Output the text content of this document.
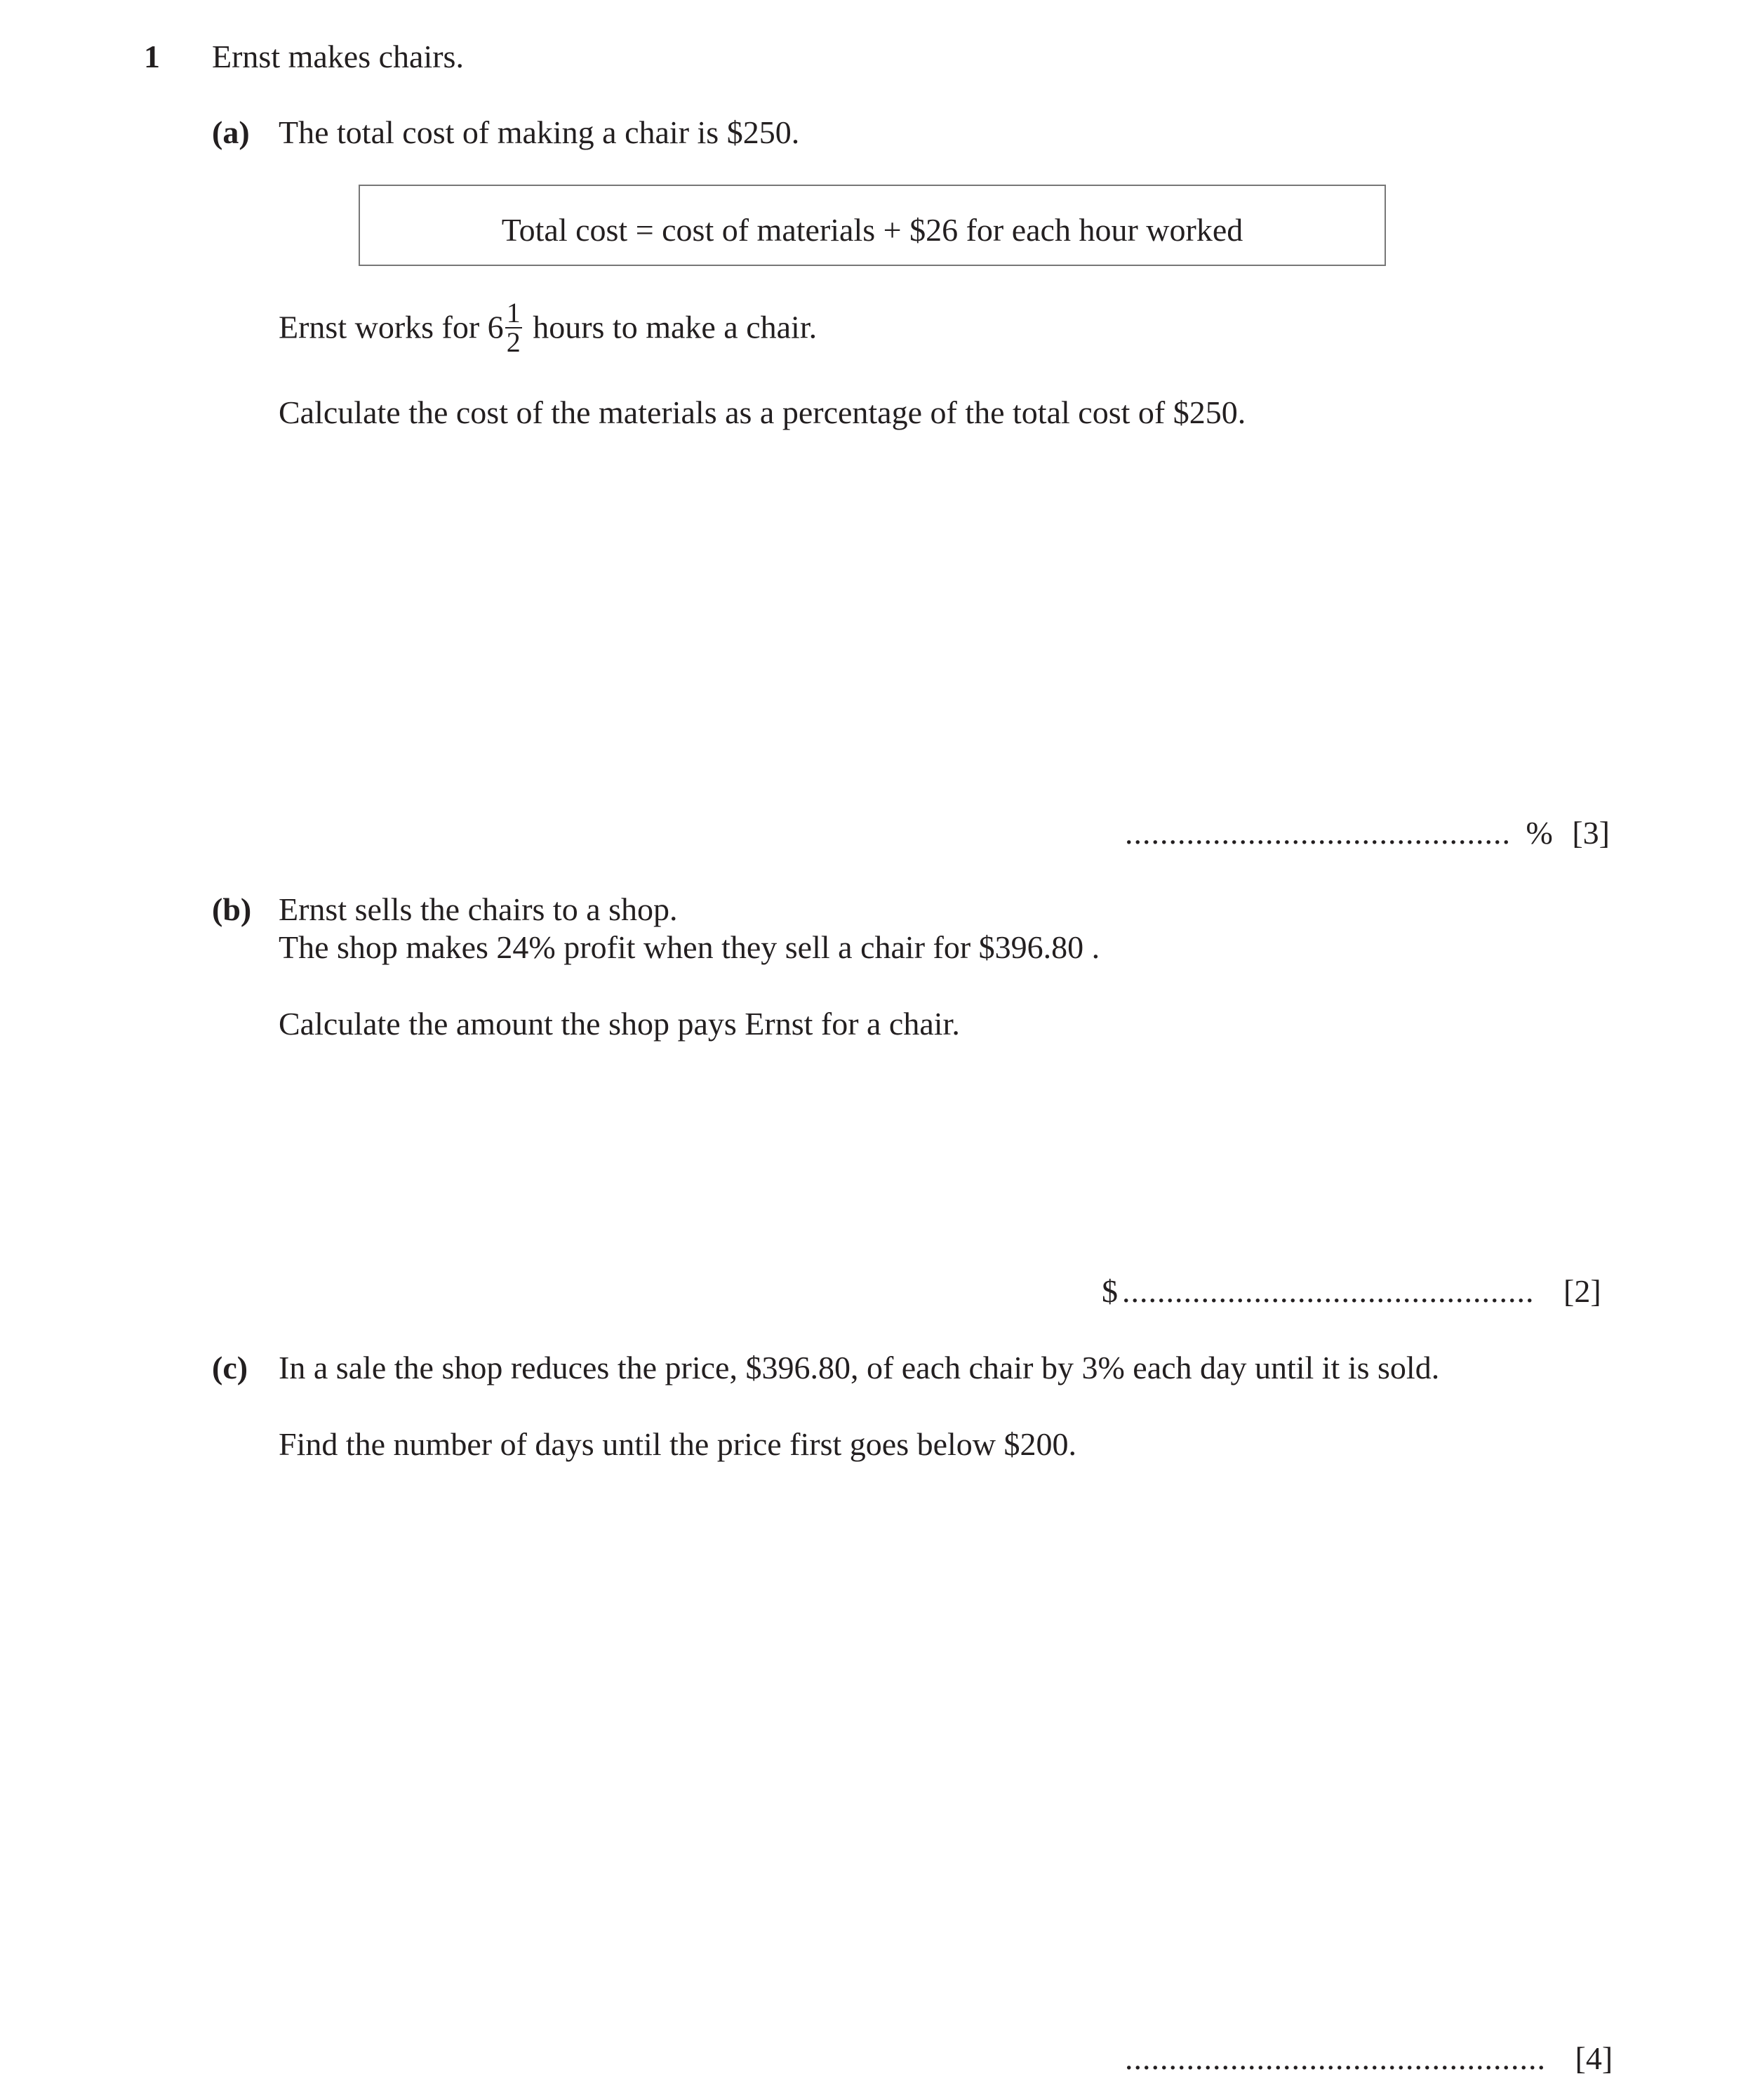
1 Ernst makes chairs.
(a) The total cost of making a chair is $250.
Total cost = cost of materials + $26 for each hour worked
Ernst works for $6 \frac{1}{2}$ hours to make a chair.
Calculate the cost of the materials as a percentage of the total cost of $250.
............................................ % [3]
(b) Ernst sells the chairs to a shop.
The shop makes 24% profit when they sell a chair for $396.80 .
Calculate the amount the shop pays Ernst for a chair.
$ ............................................... [2]
(c) In a sale the shop reduces the price, $396.80, of each chair by 3% each day until it is sold.
Find the number of days until the price first goes below $200.
................................................ [4]
